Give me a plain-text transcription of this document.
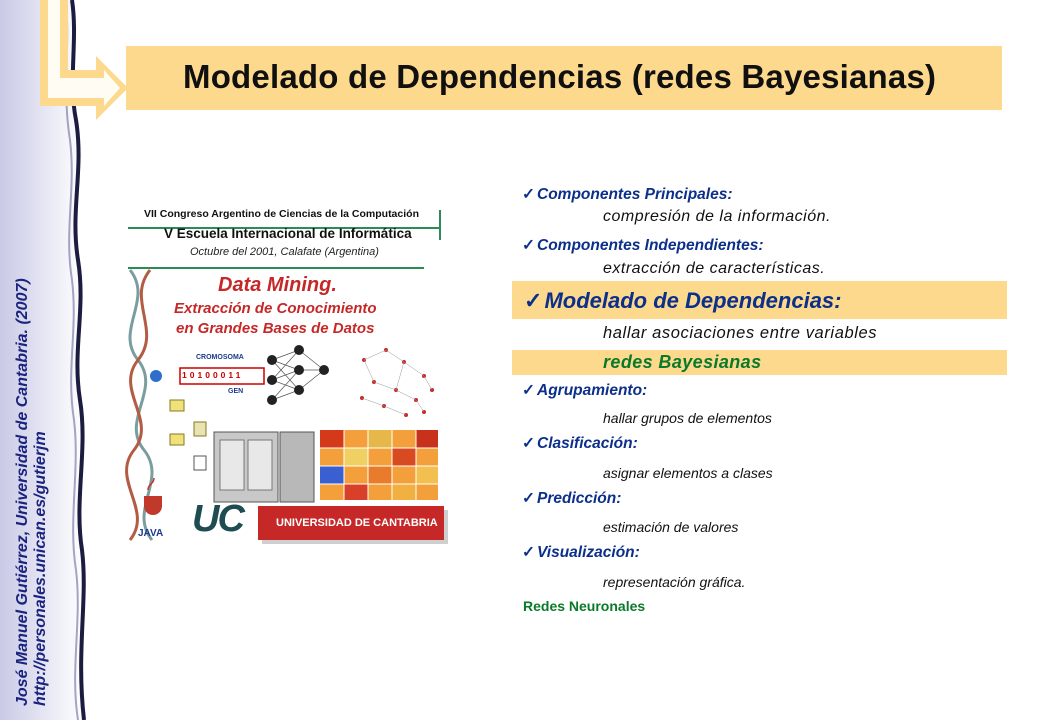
José Manuel Gutiérrez, Universidad de Cantabria. (2007) http://personales.unican.es/gutierjm
Modelado de Dependencias (redes Bayesianas)
VII Congreso Argentino de Ciencias de la Computación
V Escuela Internacional de Informática
Octubre del 2001, Calafate (Argentina)
Data Mining.
Extracción de Conocimiento
en Grandes Bases de Datos
CROMOSOMA
10100011
GEN
JAVA UC	UNIVERSIDAD DE CANTABRIA
✓ Componentes Principales:
compresión de la información.
✓ Componentes Independientes:
extracción de características.
✓Modelado de Dependencias:
hallar asociaciones entre variables
redes Bayesianas
✓ Agrupamiento:
hallar grupos de elementos
✓ Clasificación:
asignar elementos a clases
✓ Predicción:
estimación de valores
✓ Visualización:
representación gráfica.
Redes Neuronales
